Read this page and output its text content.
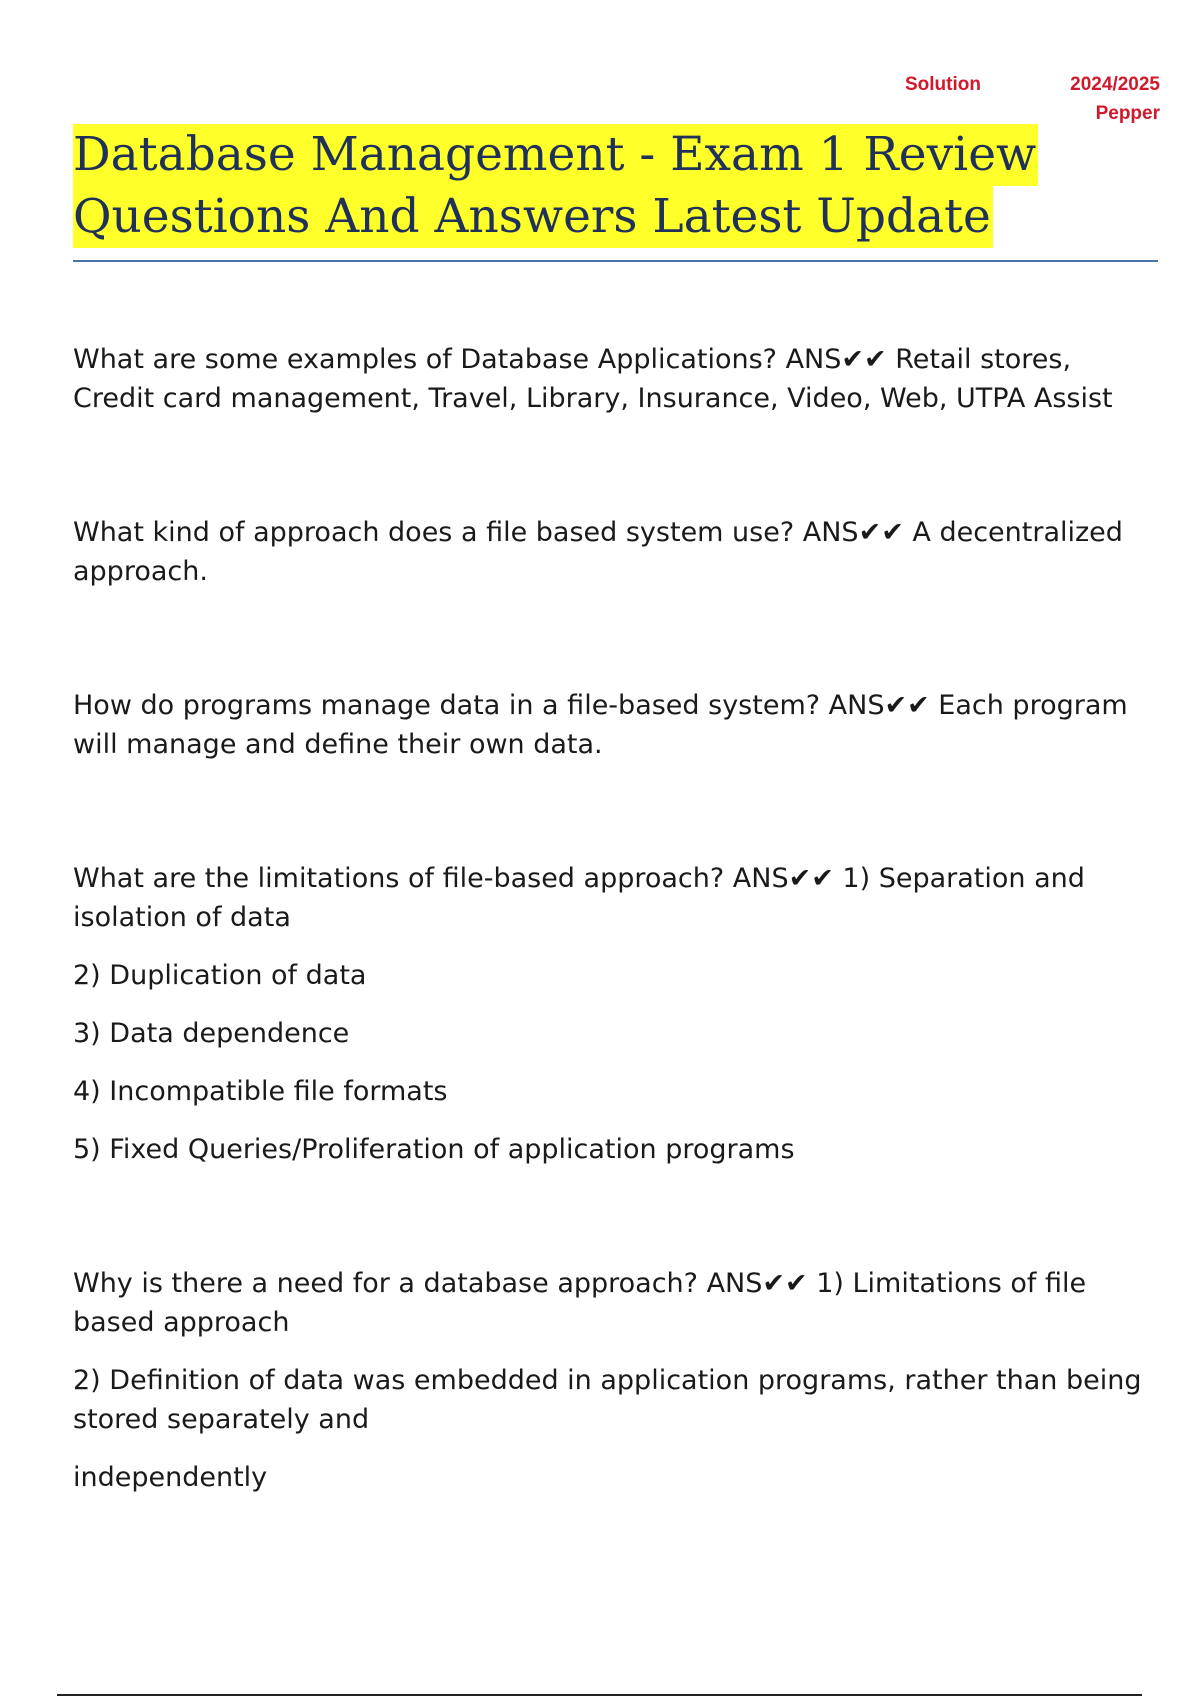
Solution	2024/2025
Pepper
Database Management - Exam 1 Review
Questions And Answers Latest Update

What are some examples of Database Applications? ANS✔✔ Retail stores, Credit card management, Travel, Library, Insurance, Video, Web, UTPA Assist

What kind of approach does a file based system use? ANS✔✔ A decentralized approach.

How do programs manage data in a file-based system? ANS✔✔ Each program will manage and define their own data.

What are the limitations of file-based approach? ANS✔✔ 1) Separation and isolation of data

2) Duplication of data

3) Data dependence

4) Incompatible file formats

5) Fixed Queries/Proliferation of application programs

Why is there a need for a database approach? ANS✔✔ 1) Limitations of file based approach

2) Definition of data was embedded in application programs, rather than being stored separately and

independently
